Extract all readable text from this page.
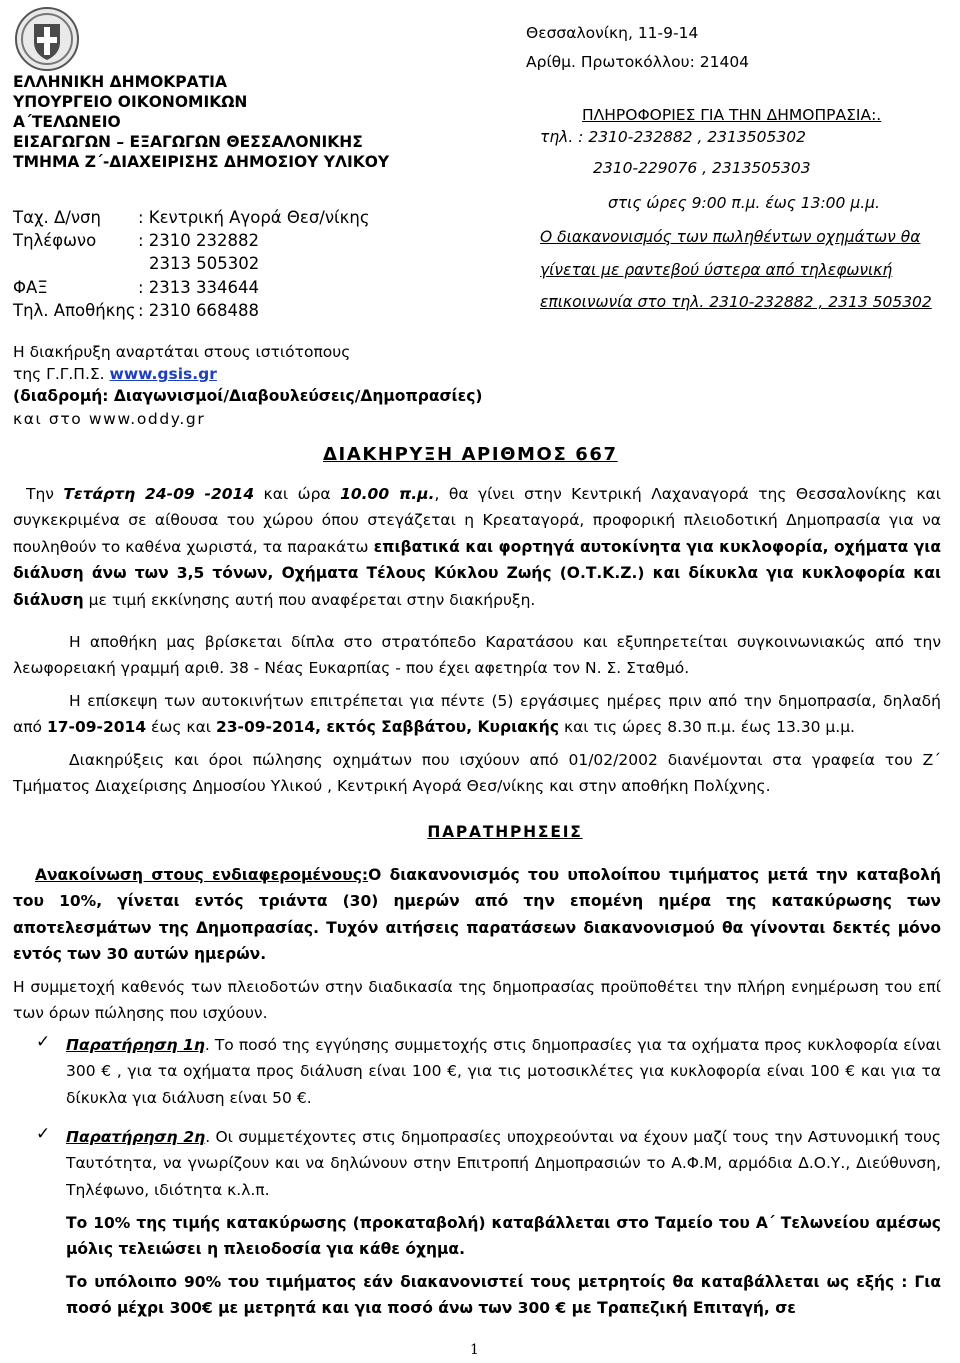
ΕΛΛΗΝΙΚΗ ΔΗΜΟΚΡΑΤΙΑ
ΥΠΟΥΡΓΕΙΟ ΟΙΚΟΝΟΜΙΚΩΝ
Α΄ΤΕΛΩΝΕΙΟ
ΕΙΣΑΓΩΓΩΝ – ΕΞΑΓΩΓΩΝ ΘΕΣΣΑΛΟΝΙΚΗΣ
ΤΜΗΜΑ Ζ΄-ΔΙΑΧΕΙΡΙΣΗΣ ΔΗΜΟΣΙΟΥ ΥΛΙΚΟΥ
Ταχ. Δ/νση : Κεντρική Αγορά Θεσ/νίκης
Τηλέφωνο	: 2310 232882
2313 505302
ΦΑΞ	: 2313 334644
Τηλ. Αποθήκης : 2310 668488
Θεσσαλονίκη, 11-9-14
Αρίθμ. Πρωτοκόλλου: 21404
ΠΛΗΡΟΦΟΡΙΕΣ ΓΙΑ ΤΗΝ ΔΗΜΟΠΡΑΣΙΑ:.
τηλ. : 2310-232882 , 2313505302
2310-229076 , 2313505303
στις ώρες 9:00 π.μ. έως 13:00 μ.μ.
Ο διακανονισμός των πωληθέντων οχημάτων θα
γίνεται με ραντεβού ύστερα από τηλεφωνική
επικοινωνία στο τηλ. 2310-232882 , 2313 505302
Η διακήρυξη αναρτάται στους ιστιότοπους
της Γ.Γ.Π.Σ. www.gsis.gr
(διαδρομή: Διαγωνισμοί/Διαβουλεύσεις/Δημοπρασίες)
και στο www.oddy.gr
ΔΙΑΚΗΡΥΞΗ ΑΡΙΘΜΟΣ 667

Την Τετάρτη 24-09 -2014 και ώρα 10.00 π.μ., θα γίνει στην Κεντρική Λαχαναγορά της Θεσσαλονίκης και συγκεκριμένα σε αίθουσα του χώρου όπου στεγάζεται η Κρεαταγορά, προφορική πλειοδοτική Δημοπρασία για να πουληθούν το καθένα χωριστά, τα παρακάτω επιβατικά και φορτηγά αυτοκίνητα για κυκλοφορία, οχήματα για διάλυση άνω των 3,5 τόνων, Οχήματα Τέλους Κύκλου Ζωής (Ο.Τ.Κ.Ζ.) και δίκυκλα για κυκλοφορία και διάλυση με τιμή εκκίνησης αυτή που αναφέρεται στην διακήρυξη.

Η αποθήκη μας βρίσκεται δίπλα στο στρατόπεδο Καρατάσου και εξυπηρετείται συγκοινωνιακώς από την λεωφορειακή γραμμή αριθ. 38 - Νέας Ευκαρπίας - που έχει αφετηρία τον Ν. Σ. Σταθμό.

Η επίσκεψη των αυτοκινήτων επιτρέπεται για πέντε (5) εργάσιμες ημέρες πριν από την δημοπρασία, δηλαδή από 17-09-2014 έως και 23-09-2014, εκτός Σαββάτου, Κυριακής και τις ώρες 8.30 π.μ. έως 13.30 μ.μ.

Διακηρύξεις και όροι πώλησης οχημάτων που ισχύουν από 01/02/2002 διανέμονται στα γραφεία του Ζ΄ Τμήματος Διαχείρισης Δημοσίου Υλικού , Κεντρική Αγορά Θεσ/νίκης και στην αποθήκη Πολίχνης.

ΠΑΡΑΤΗΡΗΣΕΙΣ

Ανακοίνωση στους ενδιαφερομένους:Ο διακανονισμός του υπολοίπου τιμήματος μετά την καταβολή του 10%, γίνεται εντός τριάντα (30) ημερών από την επομένη ημέρα της κατακύρωσης των αποτελεσμάτων της Δημοπρασίας. Τυχόν αιτήσεις παρατάσεων διακανονισμού θα γίνονται δεκτές μόνο εντός των 30 αυτών ημερών.

Η συμμετοχή καθενός των πλειοδοτών στην διαδικασία της δημοπρασίας προϋποθέτει την πλήρη ενημέρωση του επί των όρων πώλησης που ισχύουν.

✓ Παρατήρηση 1η. Το ποσό της εγγύησης συμμετοχής στις δημοπρασίες για τα οχήματα προς κυκλοφορία είναι 300 € , για τα οχήματα προς διάλυση είναι 100 €, για τις μοτοσικλέτες για κυκλοφορία είναι 100 € και για τα δίκυκλα για διάλυση είναι 50 €.
✓ Παρατήρηση 2η. Οι συμμετέχοντες στις δημοπρασίες υποχρεούνται να έχουν μαζί τους την Αστυνομική τους Ταυτότητα, να γνωρίζουν και να δηλώνουν στην Επιτροπή Δημοπρασιών το Α.Φ.Μ, αρμόδια Δ.Ο.Υ., Διεύθυνση, Τηλέφωνο, ιδιότητα κ.λ.π.
Το 10% της τιμής κατακύρωσης (προκαταβολή) καταβάλλεται στο Ταμείο του Α΄ Τελωνείου αμέσως μόλις τελειώσει η πλειοδοσία για κάθε όχημα.
Το υπόλοιπο 90% του τιμήματος εάν διακανονιστεί τους μετρητοίς θα καταβάλλεται ως εξής : Για ποσό μέχρι 300€ με μετρητά και για ποσό άνω των 300 € με Τραπεζική Επιταγή, σε
1
